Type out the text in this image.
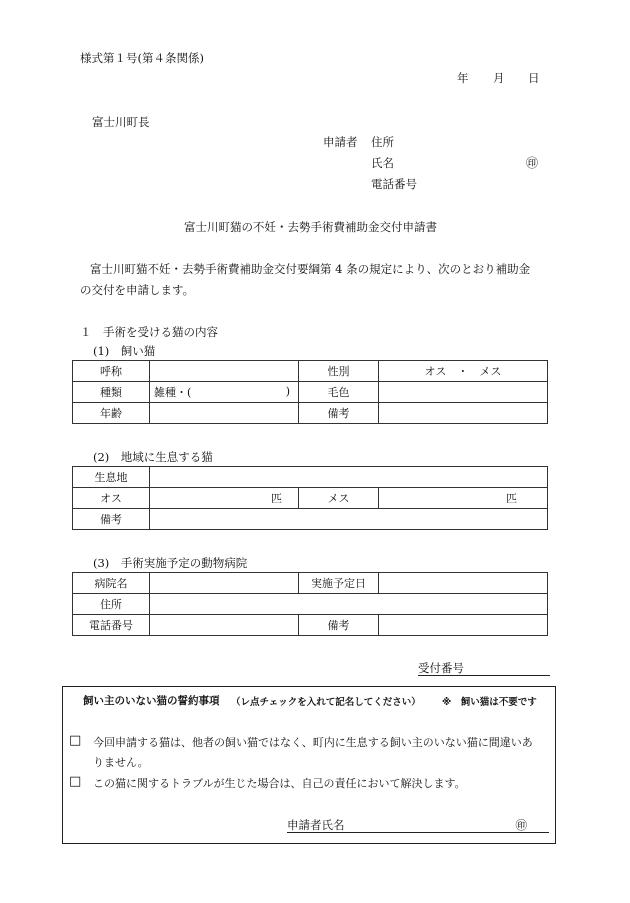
様式第１号(第４条関係)
年 月 日
富士川町長
申請者 住所
氏名	㊞
電話番号
富士川町猫の不妊・去勢手術費補助金交付申請書
富士川町猫不妊・去勢手術費補助金交付要綱第 4 条の規定により、次のとおり補助金
の交付を申請します。
１　手術を受ける猫の内容
(1)　飼い猫
呼称		性別	オス　・　メス
種類	雑種・( )	毛色	
年齢		備考	
(2)　地域に生息する猫
生息地			
オス	匹	メス	匹
備考			
(3)　手術実施予定の動物病院
病院名		実施予定日	
住所			
電話番号		備考	
受付番号
飼い主のいない猫の誓約事項 （レ点チェックを入れて記名してください） ※　飼い猫は不要です
□ 今回申請する猫は、他者の飼い猫ではなく、町内に生息する飼い主のいない猫に間違いあ
りません。
□ この猫に関するトラブルが生じた場合は、自己の責任において解決します。
申請者氏名	㊞
